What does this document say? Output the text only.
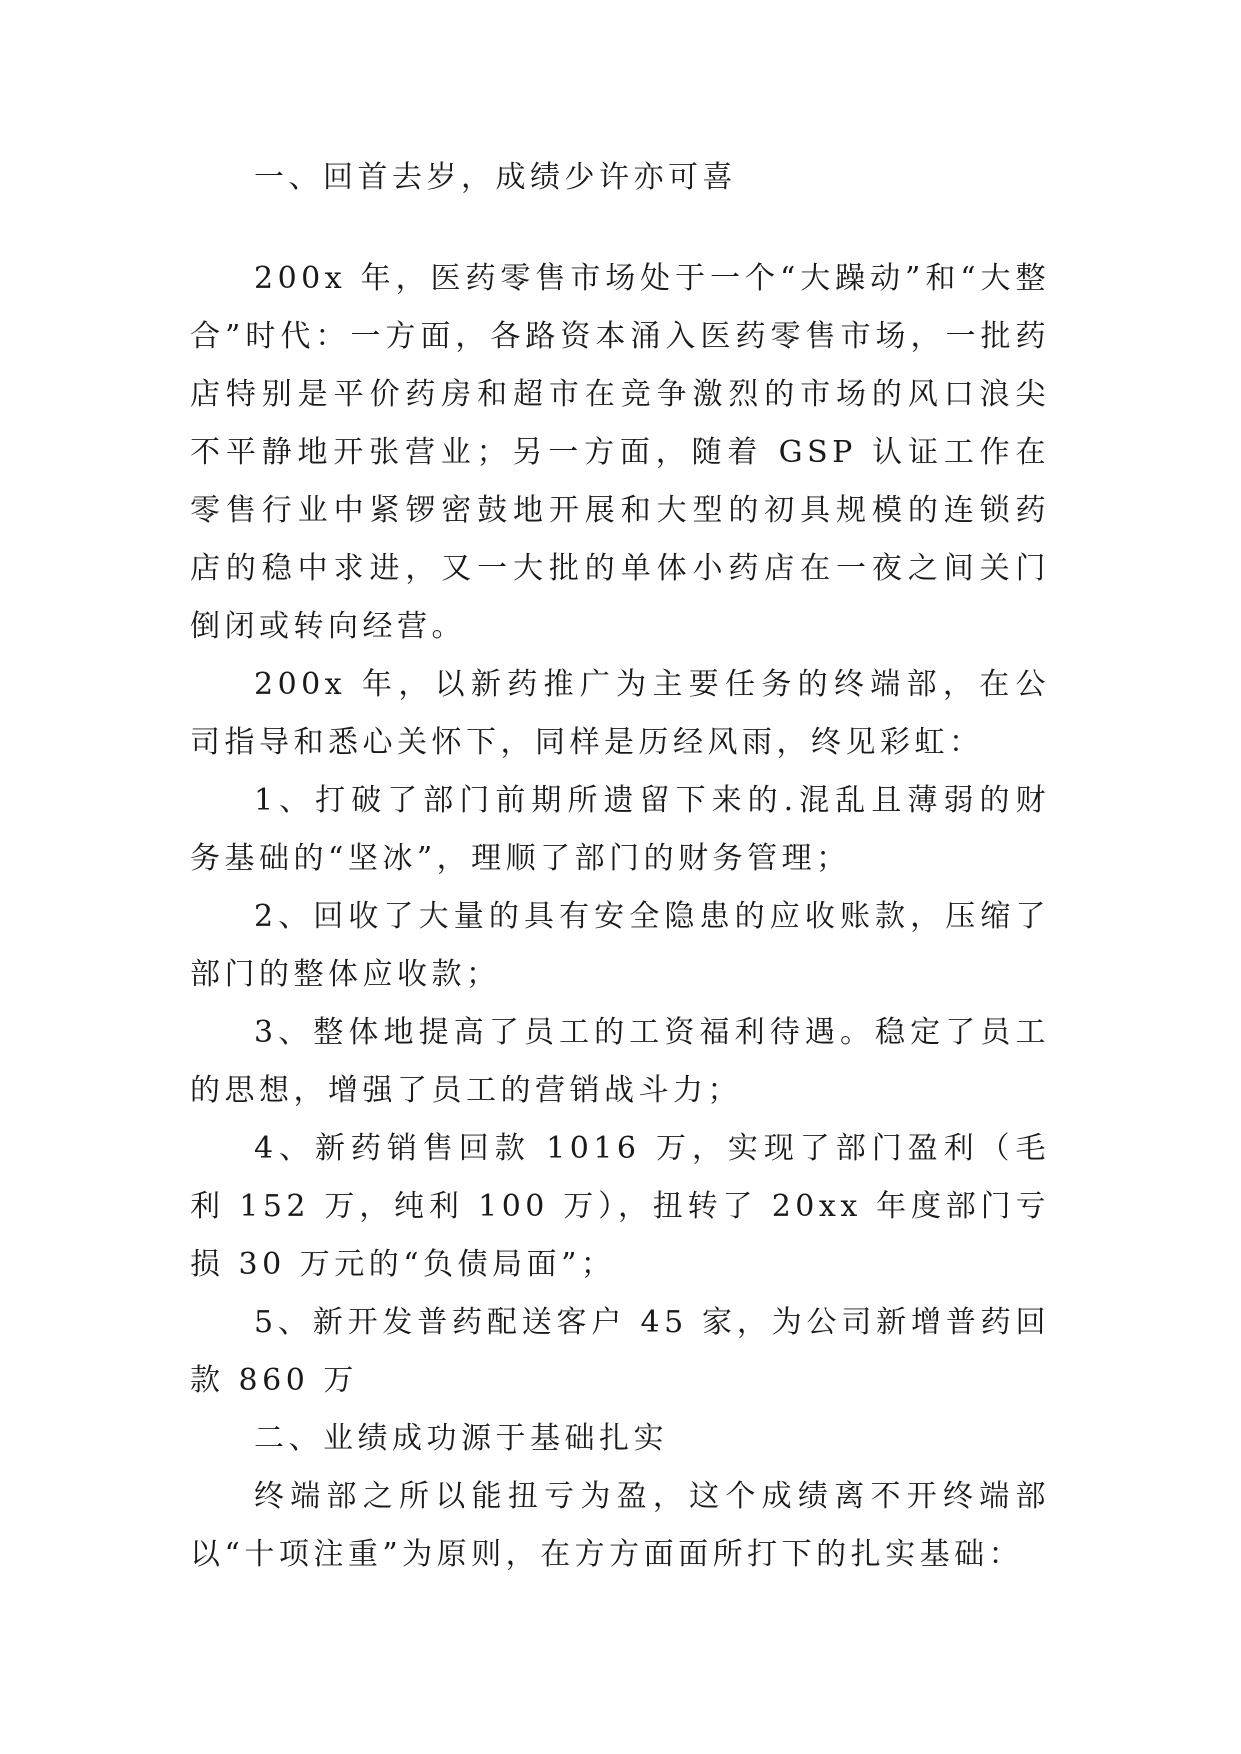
一、回首去岁，成绩少许亦可喜

200x 年，医药零售市场处于一个“大躁动”和“大整合”时代：一方面，各路资本涌入医药零售市场，一批药店特别是平价药房和超市在竞争激烈的市场的风口浪尖不平静地开张营业；另一方面，随着 GSP 认证工作在零售行业中紧锣密鼓地开展和大型的初具规模的连锁药店的稳中求进，又一大批的单体小药店在一夜之间关门倒闭或转向经营。

200x 年，以新药推广为主要任务的终端部，在公司指导和悉心关怀下，同样是历经风雨，终见彩虹：

1、打破了部门前期所遗留下来的.混乱且薄弱的财务基础的“坚冰”，理顺了部门的财务管理；

2、回收了大量的具有安全隐患的应收账款，压缩了部门的整体应收款；

3、整体地提高了员工的工资福利待遇。稳定了员工的思想，增强了员工的营销战斗力；

4、新药销售回款 1016 万，实现了部门盈利（毛利 152 万，纯利 100 万），扭转了 20xx 年度部门亏损 30 万元的“负债局面”；

5、新开发普药配送客户 45 家，为公司新增普药回款 860 万

二、业绩成功源于基础扎实

终端部之所以能扭亏为盈，这个成绩离不开终端部以“十项注重”为原则，在方方面面所打下的扎实基础：
